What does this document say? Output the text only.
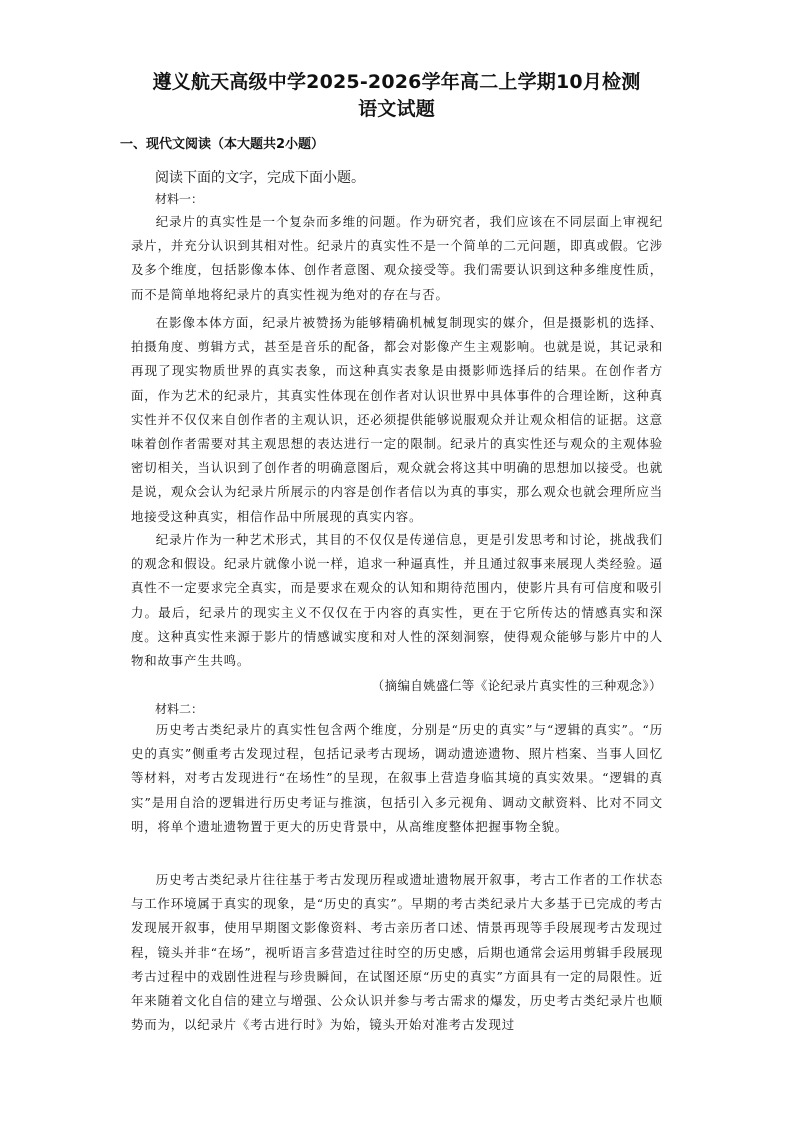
遵义航天高级中学2025-2026学年高二上学期10月检测
语文试题
一、现代文阅读（本大题共2小题）
阅读下面的文字，完成下面小题。
材料一：

纪录片的真实性是一个复杂而多维的问题。作为研究者，我们应该在不同层面上审视纪录片，并充分认识到其相对性。纪录片的真实性不是一个简单的二元问题，即真或假。它涉及多个维度，包括影像本体、创作者意图、观众接受等。我们需要认识到这种多维度性质，而不是简单地将纪录片的真实性视为绝对的存在与否。

在影像本体方面，纪录片被赞扬为能够精确机械复制现实的媒介，但是摄影机的选择、拍摄角度、剪辑方式，甚至是音乐的配备，都会对影像产生主观影响。也就是说，其记录和再现了现实物质世界的真实表象，而这种真实表象是由摄影师选择后的结果。在创作者方面，作为艺术的纪录片，其真实性体现在创作者对认识世界中具体事件的合理诠断，这种真实性并不仅仅来自创作者的主观认识，还必须提供能够说服观众并让观众相信的证据。这意味着创作者需要对其主观思想的表达进行一定的限制。纪录片的真实性还与观众的主观体验密切相关，当认识到了创作者的明确意图后，观众就会将这其中明确的思想加以接受。也就是说，观众会认为纪录片所展示的内容是创作者信以为真的事实，那么观众也就会理所应当地接受这种真实，相信作品中所展现的真实内容。

纪录片作为一种艺术形式，其目的不仅仅是传递信息，更是引发思考和讨论，挑战我们的观念和假设。纪录片就像小说一样，追求一种逼真性，并且通过叙事来展现人类经验。逼真性不一定要求完全真实，而是要求在观众的认知和期待范围内，使影片具有可信度和吸引力。最后，纪录片的现实主义不仅仅在于内容的真实性，更在于它所传达的情感真实和深度。这种真实性来源于影片的情感诚实度和对人性的深刻洞察，使得观众能够与影片中的人物和故事产生共鸣。

（摘编自姚盛仁等《论纪录片真实性的三种观念》）
材料二：

历史考古类纪录片的真实性包含两个维度，分别是“历史的真实”与“逻辑的真实”。“历史的真实”侧重考古发现过程，包括记录考古现场，调动遗迹遗物、照片档案、当事人回忆等材料，对考古发现进行“在场性”的呈现，在叙事上营造身临其境的真实效果。“逻辑的真实”是用自洽的逻辑进行历史考证与推演，包括引入多元视角、调动文献资料、比对不同文明，将单个遗址遗物置于更大的历史背景中，从高维度整体把握事物全貌。

历史考古类纪录片往往基于考古发现历程或遗址遗物展开叙事，考古工作者的工作状态与工作环境属于真实的现象，是“历史的真实”。早期的考古类纪录片大多基于已完成的考古发现展开叙事，使用早期图文影像资料、考古亲历者口述、情景再现等手段展现考古发现过程，镜头并非“在场”，视听语言多营造过往时空的历史感，后期也通常会运用剪辑手段展现考古过程中的戏剧性进程与珍贵瞬间，在试图还原“历史的真实”方面具有一定的局限性。近年来随着文化自信的建立与增强、公众认识并参与考古需求的爆发，历史考古类纪录片也顺势而为，以纪录片《考古进行时》为始，镜头开始对准考古发现过
